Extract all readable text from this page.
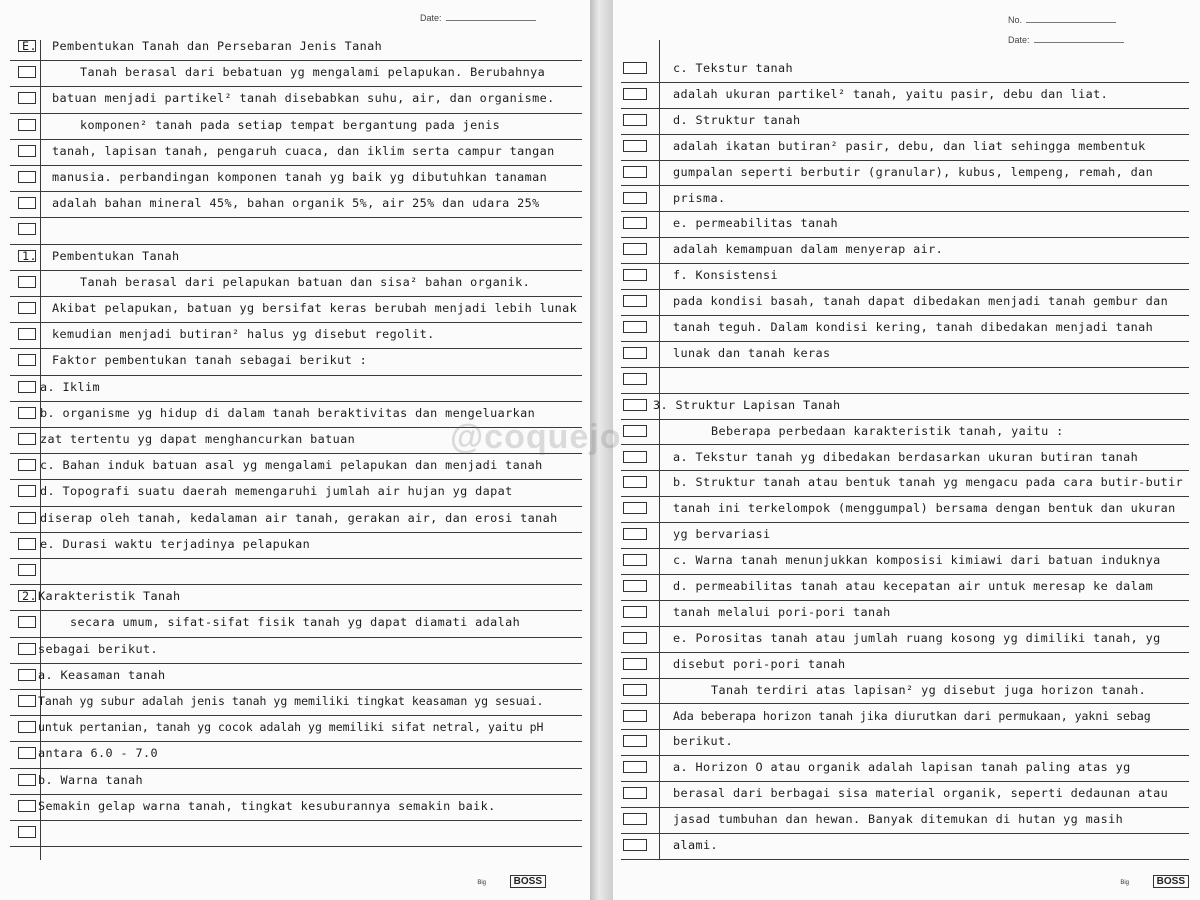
Date:
E. Pembentukan Tanah dan Persebaran Jenis Tanah
Tanah berasal dari bebatuan yg mengalami pelapukan. Berubahnya
batuan menjadi partikel² tanah disebabkan suhu, air, dan organisme.
komponen² tanah pada setiap tempat bergantung pada jenis
tanah, lapisan tanah, pengaruh cuaca, dan iklim serta campur tangan
manusia. perbandingan komponen tanah yg baik yg dibutuhkan tanaman
adalah bahan mineral 45%, bahan organik 5%, air 25% dan udara 25%
1. Pembentukan Tanah
Tanah berasal dari pelapukan batuan dan sisa² bahan organik.
Akibat pelapukan, batuan yg bersifat keras berubah menjadi lebih lunak
kemudian menjadi butiran² halus yg disebut regolit.
Faktor pembentukan tanah sebagai berikut :
a. Iklim
b. organisme yg hidup di dalam tanah beraktivitas dan mengeluarkan
zat tertentu yg dapat menghancurkan batuan
c. Bahan induk batuan asal yg mengalami pelapukan dan menjadi tanah
d. Topografi suatu daerah memengaruhi jumlah air hujan yg dapat
diserap oleh tanah, kedalaman air tanah, gerakan air, dan erosi tanah
e. Durasi waktu terjadinya pelapukan
2. Karakteristik Tanah
secara umum, sifat-sifat fisik tanah yg dapat diamati adalah
sebagai berikut.
a. Keasaman tanah
Tanah yg subur adalah jenis tanah yg memiliki tingkat keasaman yg sesuai.
untuk pertanian, tanah yg cocok adalah yg memiliki sifat netral, yaitu pH
antara 6.0 - 7.0
b. Warna tanah
Semakin gelap warna tanah, tingkat kesuburannya semakin baik.
Big	BOSS
No.
Date:
c. Tekstur tanah
adalah ukuran partikel² tanah, yaitu pasir, debu dan liat.
d. Struktur tanah
adalah ikatan butiran² pasir, debu, dan liat sehingga membentuk
gumpalan seperti berbutir (granular), kubus, lempeng, remah, dan
prisma.
e. permeabilitas tanah
adalah kemampuan dalam menyerap air.
f. Konsistensi
pada kondisi basah, tanah dapat dibedakan menjadi tanah gembur dan
tanah teguh. Dalam kondisi kering, tanah dibedakan menjadi tanah
lunak dan tanah keras
3. Struktur Lapisan Tanah
Beberapa perbedaan karakteristik tanah, yaitu :
a. Tekstur tanah yg dibedakan berdasarkan ukuran butiran tanah
b. Struktur tanah atau bentuk tanah yg mengacu pada cara butir-butir
tanah ini terkelompok (menggumpal) bersama dengan bentuk dan ukuran
yg bervariasi
c. Warna tanah menunjukkan komposisi kimiawi dari batuan induknya
d. permeabilitas tanah atau kecepatan air untuk meresap ke dalam
tanah melalui pori-pori tanah
e. Porositas tanah atau jumlah ruang kosong yg dimiliki tanah, yg
disebut pori-pori tanah
Tanah terdiri atas lapisan² yg disebut juga horizon tanah.
Ada beberapa horizon tanah jika diurutkan dari permukaan, yakni sebag
berikut.
a. Horizon O atau organik adalah lapisan tanah paling atas yg
berasal dari berbagai sisa material organik, seperti dedaunan atau
jasad tumbuhan dan hewan. Banyak ditemukan di hutan yg masih
alami.
Big	BOSS
@coquejo
